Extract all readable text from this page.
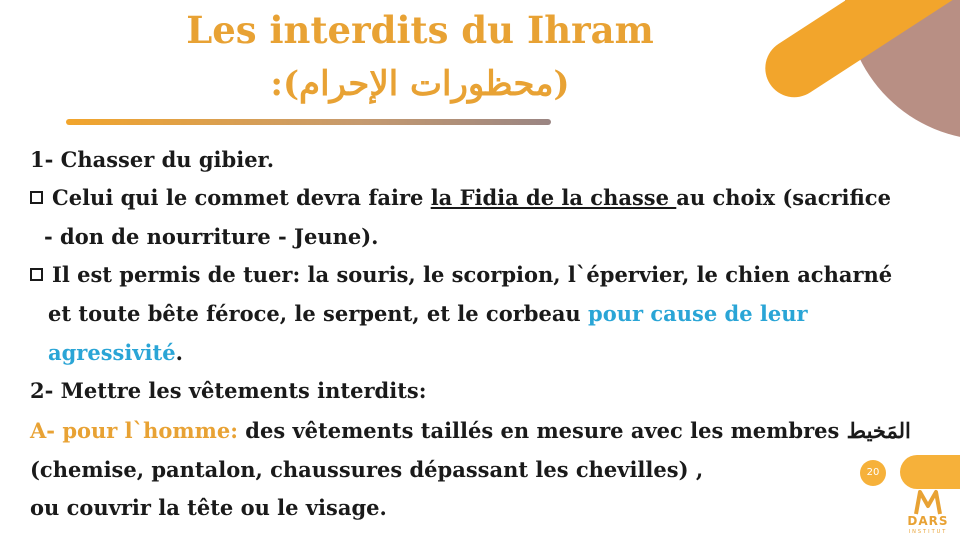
Les interdits du Ihram
(محظورات الإحرام):
1- Chasser du gibier.
Celui qui le commet devra faire la Fidia de la chasse au choix (sacrifice
- don de nourriture - Jeune).
Il est permis de tuer: la souris, le scorpion, l`épervier, le chien acharné
et toute bête féroce, le serpent, et le corbeau pour cause de leur
agressivité.
2- Mettre les vêtements interdits:
A- pour l`homme: des vêtements taillés en mesure avec les membres المَخيط
(chemise, pantalon, chaussures dépassant les chevilles) ,
ou couvrir la tête ou le visage.
20
DARS
INSTITUT
